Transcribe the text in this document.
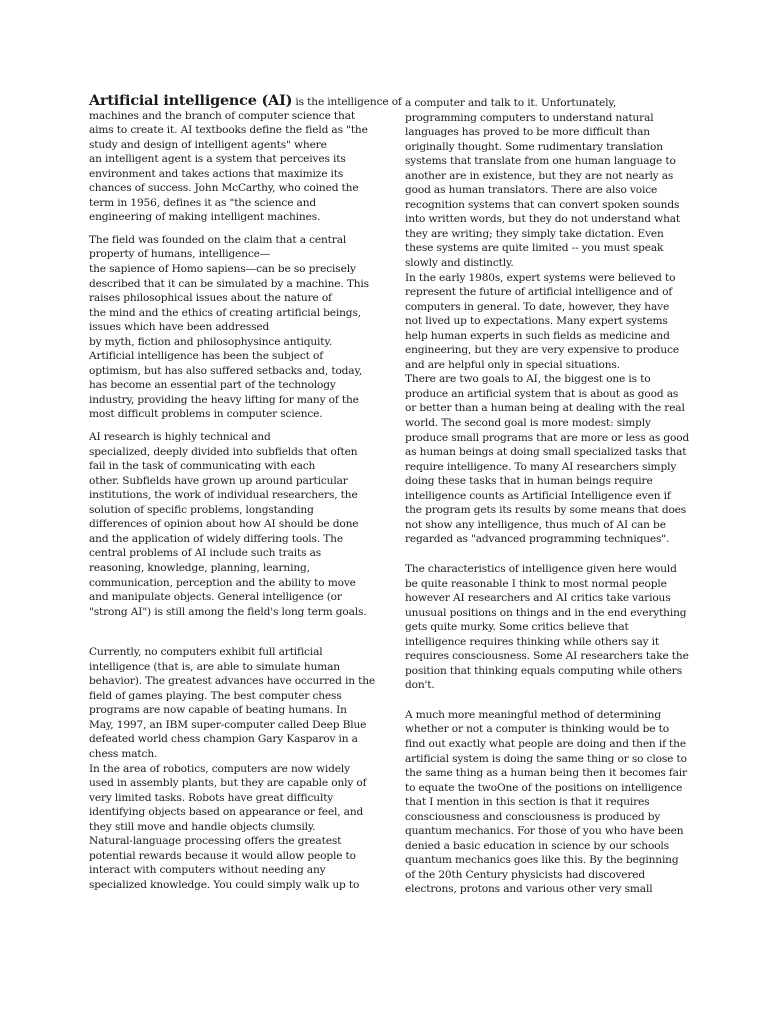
Artificial intelligence (AI) is the intelligence of
machines and the branch of computer science that
aims to create it. AI textbooks define the field as "the
study and design of intelligent agents" where
an intelligent agent is a system that perceives its
environment and takes actions that maximize its
chances of success. John McCarthy, who coined the
term in 1956, defines it as "the science and
engineering of making intelligent machines.
The field was founded on the claim that a central
property of humans, intelligence—
the sapience of Homo sapiens—can be so precisely
described that it can be simulated by a machine. This
raises philosophical issues about the nature of
the mind and the ethics of creating artificial beings,
issues which have been addressed
by myth, fiction and philosophysince antiquity.
Artificial intelligence has been the subject of
optimism, but has also suffered setbacks and, today,
has become an essential part of the technology
industry, providing the heavy lifting for many of the
most difficult problems in computer science.
AI research is highly technical and
specialized, deeply divided into subfields that often
fail in the task of communicating with each
other. Subfields have grown up around particular
institutions, the work of individual researchers, the
solution of specific problems, longstanding
differences of opinion about how AI should be done
and the application of widely differing tools. The
central problems of AI include such traits as
reasoning, knowledge, planning, learning,
communication, perception and the ability to move
and manipulate objects. General intelligence (or
"strong AI") is still among the field's long term goals.
Currently, no computers exhibit full artificial
intelligence (that is, are able to simulate human
behavior). The greatest advances have occurred in the
field of games playing. The best computer chess
programs are now capable of beating humans. In
May, 1997, an IBM super-computer called Deep Blue
defeated world chess champion Gary Kasparov in a
chess match.
In the area of robotics, computers are now widely
used in assembly plants, but they are capable only of
very limited tasks. Robots have great difficulty
identifying objects based on appearance or feel, and
they still move and handle objects clumsily.
Natural-language processing offers the greatest
potential rewards because it would allow people to
interact with computers without needing any
specialized knowledge. You could simply walk up to
a computer and talk to it. Unfortunately,
programming computers to understand natural
languages has proved to be more difficult than
originally thought. Some rudimentary translation
systems that translate from one human language to
another are in existence, but they are not nearly as
good as human translators. There are also voice
recognition systems that can convert spoken sounds
into written words, but they do not understand what
they are writing; they simply take dictation. Even
these systems are quite limited -- you must speak
slowly and distinctly.
In the early 1980s, expert systems were believed to
represent the future of artificial intelligence and of
computers in general. To date, however, they have
not lived up to expectations. Many expert systems
help human experts in such fields as medicine and
engineering, but they are very expensive to produce
and are helpful only in special situations.
There are two goals to AI, the biggest one is to
produce an artificial system that is about as good as
or better than a human being at dealing with the real
world. The second goal is more modest: simply
produce small programs that are more or less as good
as human beings at doing small specialized tasks that
require intelligence. To many AI researchers simply
doing these tasks that in human beings require
intelligence counts as Artificial Intelligence even if
the program gets its results by some means that does
not show any intelligence, thus much of AI can be
regarded as "advanced programming techniques".
The characteristics of intelligence given here would
be quite reasonable I think to most normal people
however AI researchers and AI critics take various
unusual positions on things and in the end everything
gets quite murky. Some critics believe that
intelligence requires thinking while others say it
requires consciousness. Some AI researchers take the
position that thinking equals computing while others
don't.
A much more meaningful method of determining
whether or not a computer is thinking would be to
find out exactly what people are doing and then if the
artificial system is doing the same thing or so close to
the same thing as a human being then it becomes fair
to equate the twoOne of the positions on intelligence
that I mention in this section is that it requires
consciousness and consciousness is produced by
quantum mechanics. For those of you who have been
denied a basic education in science by our schools
quantum mechanics goes like this. By the beginning
of the 20th Century physicists had discovered
electrons, protons and various other very small
